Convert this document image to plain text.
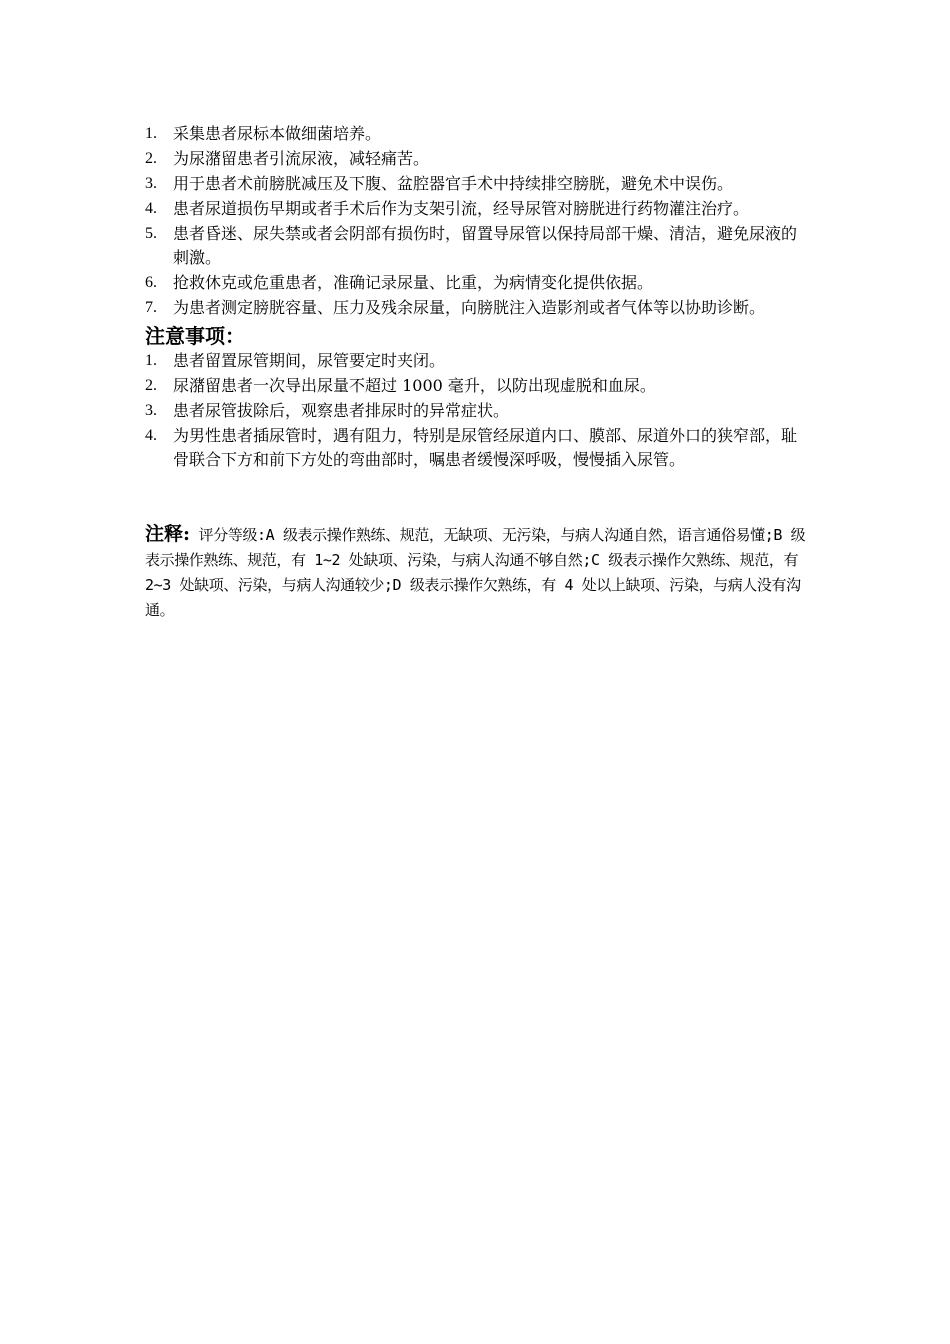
1. 采集患者尿标本做细菌培养。
2. 为尿潴留患者引流尿液，减轻痛苦。
3. 用于患者术前膀胱减压及下腹、盆腔器官手术中持续排空膀胱，避免术中误伤。
4. 患者尿道损伤早期或者手术后作为支架引流，经导尿管对膀胱进行药物灌注治疗。
5. 患者昏迷、尿失禁或者会阴部有损伤时，留置导尿管以保持局部干燥、清洁，避免尿液的刺激。
6. 抢救休克或危重患者，准确记录尿量、比重，为病情变化提供依据。
7. 为患者测定膀胱容量、压力及残余尿量，向膀胱注入造影剂或者气体等以协助诊断。
注意事项：
1. 患者留置尿管期间，尿管要定时夹闭。
2. 尿潴留患者一次导出尿量不超过 1000 毫升，以防出现虚脱和血尿。
3. 患者尿管拔除后，观察患者排尿时的异常症状。
4. 为男性患者插尿管时，遇有阻力，特别是尿管经尿道内口、膜部、尿道外口的狭窄部，耻骨联合下方和前下方处的弯曲部时，嘱患者缓慢深呼吸，慢慢插入尿管。

注释: 评分等级:A 级表示操作熟练、规范，无缺项、无污染，与病人沟通自然，语言通俗易懂;B 级表示操作熟练、规范，有 1~2 处缺项、污染，与病人沟通不够自然;C 级表示操作欠熟练、规范，有 2~3 处缺项、污染，与病人沟通较少;D 级表示操作欠熟练，有 4 处以上缺项、污染，与病人没有沟通。
